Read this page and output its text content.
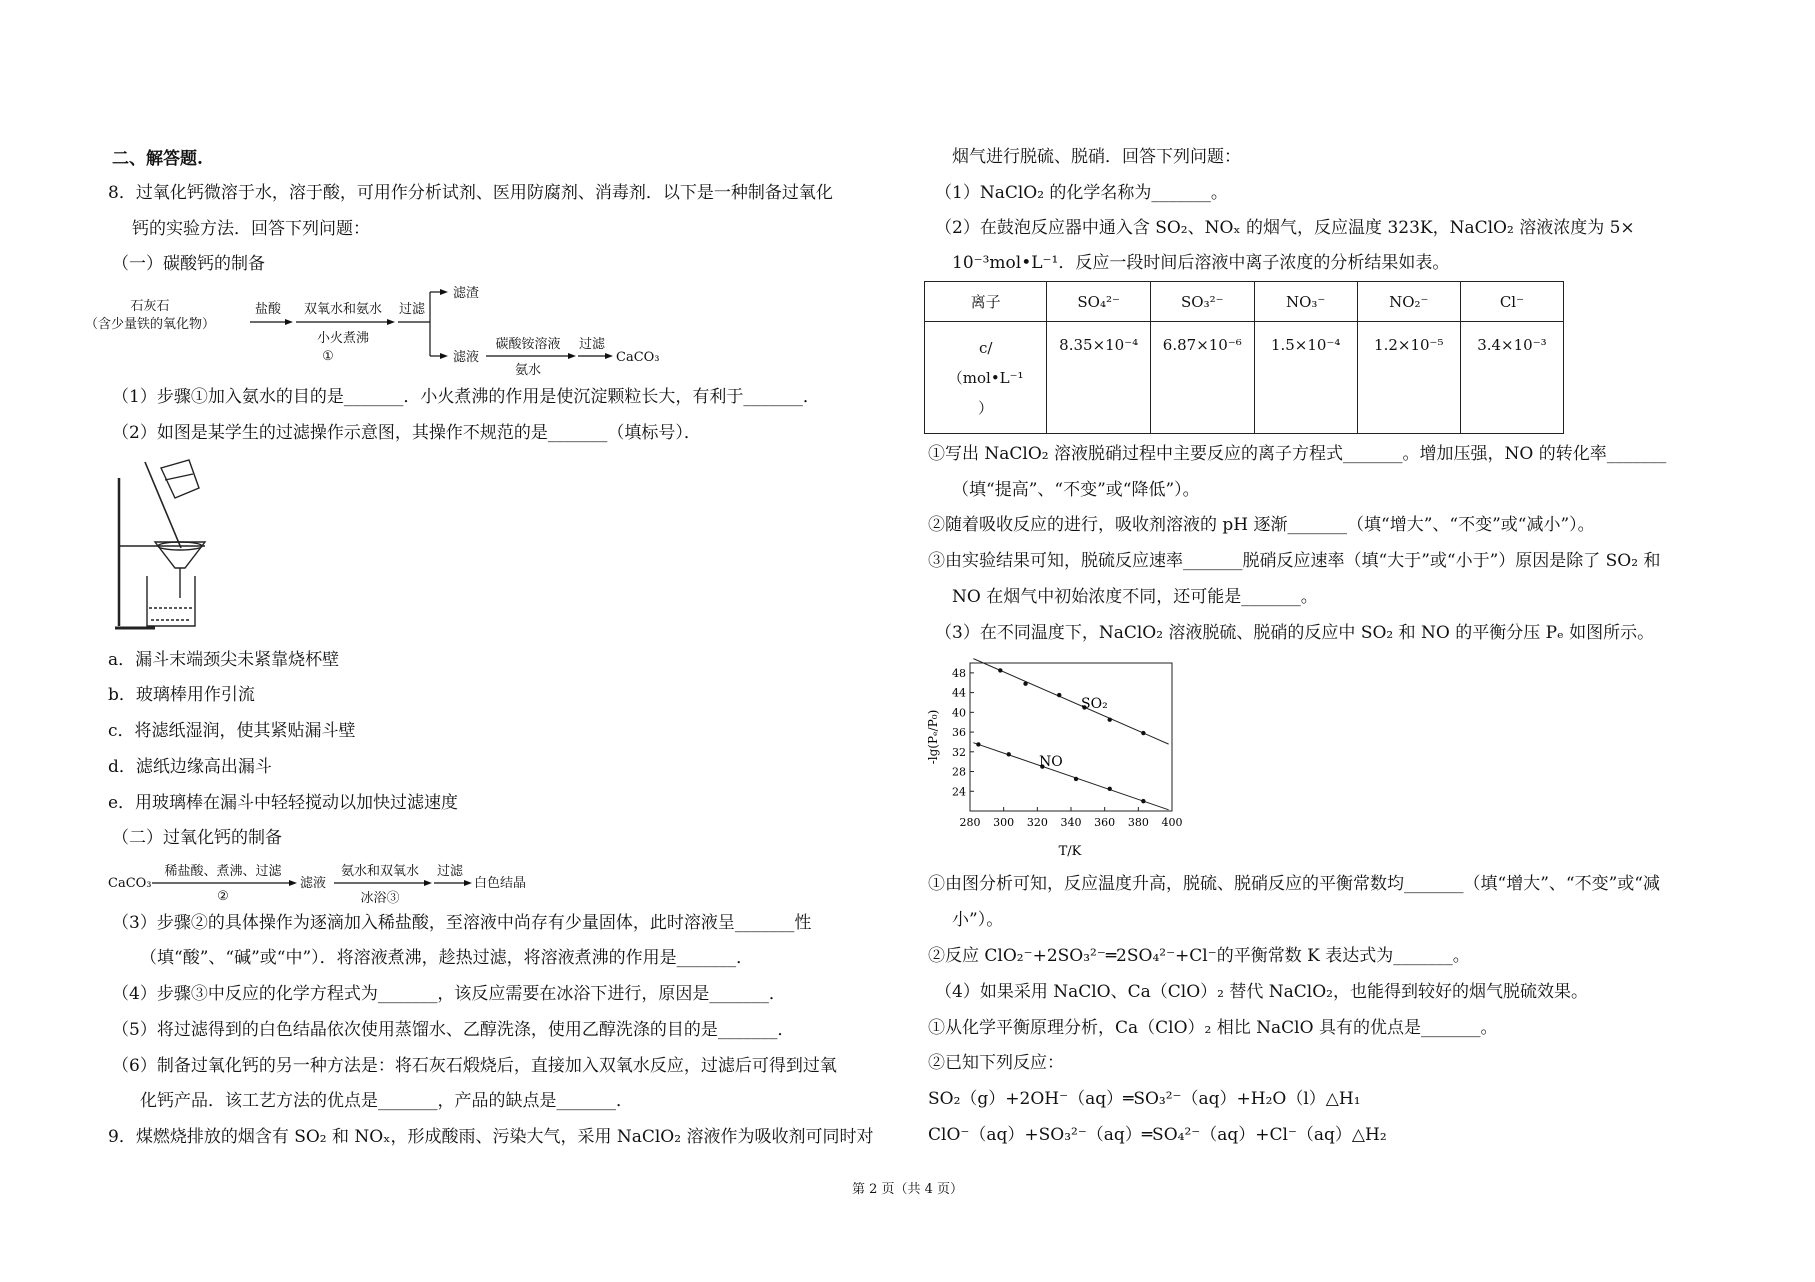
二、解答题.
8．过氧化钙微溶于水，溶于酸，可用作分析试剂、医用防腐剂、消毒剂．以下是一种制备过氧化
钙的实验方法．回答下列问题：
（一）碳酸钙的制备
石灰石
（含少量铁的氧化物）
盐酸 双氧水和氨水
小火煮沸
①
过滤
滤渣
滤液
碳酸铵溶液
氨水
过滤
CaCO₃
（1）步骤①加入氨水的目的是_______．小火煮沸的作用是使沉淀颗粒长大，有利于_______．
（2）如图是某学生的过滤操作示意图，其操作不规范的是_______（填标号）．
a．漏斗末端颈尖未紧靠烧杯壁
b．玻璃棒用作引流
c．将滤纸湿润，使其紧贴漏斗壁
d．滤纸边缘高出漏斗
e．用玻璃棒在漏斗中轻轻搅动以加快过滤速度
（二）过氧化钙的制备
CaCO₃
稀盐酸、煮沸、过滤
②
滤液
氨水和双氧水
冰浴③
过滤
白色结晶
（3）步骤②的具体操作为逐滴加入稀盐酸，至溶液中尚存有少量固体，此时溶液呈_______性
（填“酸”、“碱”或“中”）．将溶液煮沸，趁热过滤，将溶液煮沸的作用是_______．
（4）步骤③中反应的化学方程式为_______，该反应需要在冰浴下进行，原因是_______．
（5）将过滤得到的白色结晶依次使用蒸馏水、乙醇洗涤，使用乙醇洗涤的目的是_______．
（6）制备过氧化钙的另一种方法是：将石灰石煅烧后，直接加入双氧水反应，过滤后可得到过氧
化钙产品．该工艺方法的优点是_______，产品的缺点是_______．
9．煤燃烧排放的烟含有 SO₂ 和 NOₓ，形成酸雨、污染大气，采用 NaClO₂ 溶液作为吸收剂可同时对
烟气进行脱硫、脱硝．回答下列问题：
（1）NaClO₂ 的化学名称为_______。
（2）在鼓泡反应器中通入含 SO₂、NOₓ 的烟气，反应温度 323K，NaClO₂ 溶液浓度为 5×
10⁻³mol•L⁻¹．反应一段时间后溶液中离子浓度的分析结果如表。
离子	SO₄²⁻	SO₃²⁻	NO₃⁻	NO₂⁻	Cl⁻

c/
（mol•L⁻¹
）	8.35×10⁻⁴	6.87×10⁻⁶	1.5×10⁻⁴	1.2×10⁻⁵	3.4×10⁻³
①写出 NaClO₂ 溶液脱硝过程中主要反应的离子方程式_______。增加压强，NO 的转化率_______
（填“提高”、“不变”或“降低”）。
②随着吸收反应的进行，吸收剂溶液的 pH 逐渐_______（填“增大”、“不变”或“减小”）。
③由实验结果可知，脱硫反应速率_______脱硝反应速率（填“大于”或“小于”）原因是除了 SO₂ 和
NO 在烟气中初始浓度不同，还可能是_______。
（3）在不同温度下，NaClO₂ 溶液脱硫、脱硝的反应中 SO₂ 和 NO 的平衡分压 Pₑ 如图所示。
280 300 320 340 360 380 400
24
28
32
36
40
44
48
T/K
-lg(Pₑ/P₀)
SO₂
NO
①由图分析可知，反应温度升高，脱硫、脱硝反应的平衡常数均_______（填“增大”、“不变”或“减
小”）。
②反应 ClO₂⁻+2SO₃²⁻═2SO₄²⁻+Cl⁻的平衡常数 K 表达式为_______。
（4）如果采用 NaClO、Ca（ClO）₂ 替代 NaClO₂，也能得到较好的烟气脱硫效果。
①从化学平衡原理分析，Ca（ClO）₂ 相比 NaClO 具有的优点是_______。
②已知下列反应：
SO₂（g）+2OH⁻（aq）═SO₃²⁻（aq）+H₂O（l）△H₁
ClO⁻（aq）+SO₃²⁻（aq）═SO₄²⁻（aq）+Cl⁻（aq）△H₂
第 2 页（共 4 页）
